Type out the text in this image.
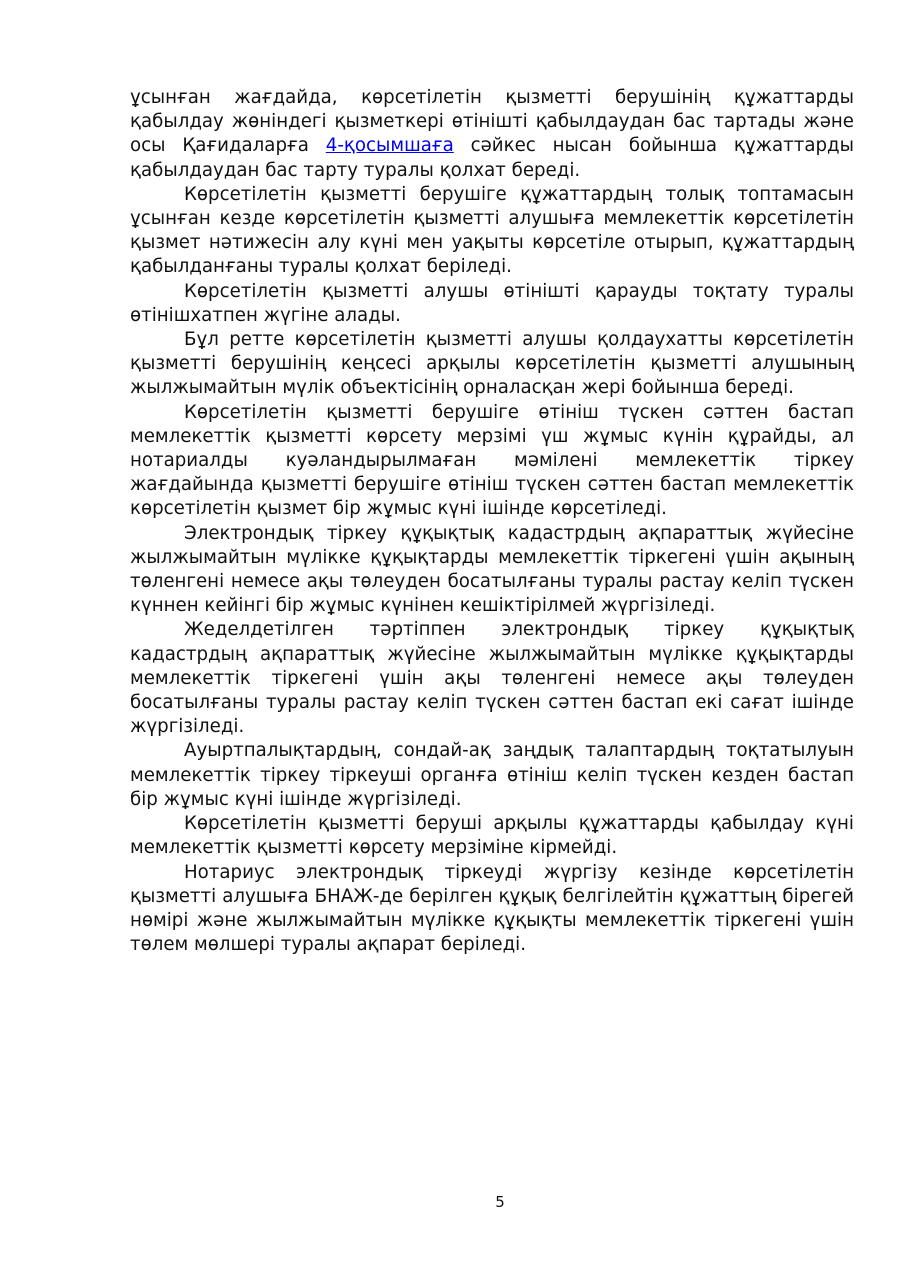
ұсынған жағдайда, көрсетілетін қызметті берушінің құжаттарды қабылдау жөніндегі қызметкері өтінішті қабылдаудан бас тартады және осы Қағидаларға 4-қосымшаға сәйкес нысан бойынша құжаттарды қабылдаудан бас тарту туралы қолхат береді.

Көрсетілетін қызметті берушіге құжаттардың толық топтамасын ұсынған кезде көрсетілетін қызметті алушыға мемлекеттік көрсетілетін қызмет нәтижесін алу күні мен уақыты көрсетіле отырып, құжаттардың қабылданғаны туралы қолхат беріледі.

Көрсетілетін қызметті алушы өтінішті қарауды тоқтату туралы өтінішхатпен жүгіне алады.

Бұл ретте көрсетілетін қызметті алушы қолдаухатты көрсетілетін қызметті берушінің кеңсесі арқылы көрсетілетін қызметті алушының жылжымайтын мүлік объектісінің орналасқан жері бойынша береді.

Көрсетілетін қызметті берушіге өтініш түскен сәттен бастап мемлекеттік қызметті көрсету мерзімі үш жұмыс күнін құрайды, ал нотариалды куәландырылмаған мәмілені мемлекеттік тіркеу жағдайында қызметті берушіге өтініш түскен сәттен бастап мемлекеттік көрсетілетін қызмет бір жұмыс күні ішінде көрсетіледі.

Электрондық тіркеу құқықтық кадастрдың ақпараттық жүйесіне жылжымайтын мүлікке құқықтарды мемлекеттік тіркегені үшін ақының төленгені немесе ақы төлеуден босатылғаны туралы растау келіп түскен күннен кейінгі бір жұмыс күнінен кешіктірілмей жүргізіледі.

Жеделдетілген тәртіппен электрондық тіркеу құқықтық кадастрдың ақпараттық жүйесіне жылжымайтын мүлікке құқықтарды мемлекеттік тіркегені үшін ақы төленгені немесе ақы төлеуден босатылғаны туралы растау келіп түскен сәттен бастап екі сағат ішінде жүргізіледі.

Ауыртпалықтардың, сондай-ақ заңдық талаптардың тоқтатылуын мемлекеттік тіркеу тіркеуші органға өтініш келіп түскен кезден бастап бір жұмыс күні ішінде жүргізіледі.

Көрсетілетін қызметті беруші арқылы құжаттарды қабылдау күні мемлекеттік қызметті көрсету мерзіміне кірмейді.

Нотариус электрондық тіркеуді жүргізу кезінде көрсетілетін қызметті алушыға БНАЖ-де берілген құқық белгілейтін құжаттың бірегей нөмірі және жылжымайтын мүлікке құқықты мемлекеттік тіркегені үшін төлем мөлшері туралы ақпарат беріледі.

5
